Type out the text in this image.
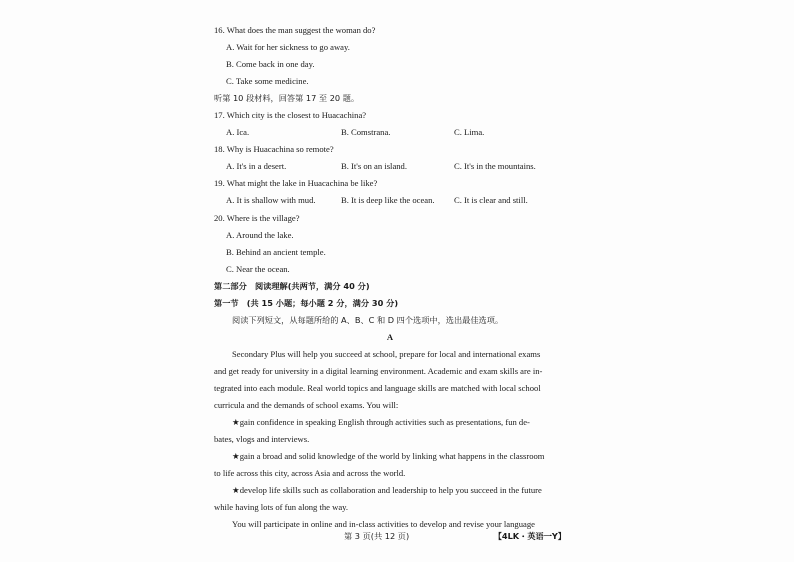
16. What does the man suggest the woman do?
A. Wait for her sickness to go away.
B. Come back in one day.
C. Take some medicine.
听第 10 段材料，回答第 17 至 20 题。
17. Which city is the closest to Huacachina?
A. Ica.	B. Comstrana.	C. Lima.
18. Why is Huacachina so remote?
A. It's in a desert.	B. It's on an island.	C. It's in the mountains.
19. What might the lake in Huacachina be like?
A. It is shallow with mud.	B. It is deep like the ocean.	C. It is clear and still.
20. Where is the village?
A. Around the lake.
B. Behind an ancient temple.
C. Near the ocean.
第二部分　阅读理解(共两节，满分 40 分)
第一节　(共 15 小题；每小题 2 分，满分 30 分)
阅读下列短文，从每题所给的 A、B、C 和 D 四个选项中，选出最佳选项。
A
Secondary Plus will help you succeed at school, prepare for local and international exams
and get ready for university in a digital learning environment. Academic and exam skills are in-
tegrated into each module. Real world topics and language skills are matched with local school
curricula and the demands of school exams. You will:
★gain confidence in speaking English through activities such as presentations, fun de-
bates, vlogs and interviews.
★gain a broad and solid knowledge of the world by linking what happens in the classroom
to life across this city, across Asia and across the world.
★develop life skills such as collaboration and leadership to help you succeed in the future
while having lots of fun along the way.
You will participate in online and in-class activities to develop and revise your language
第 3 页(共 12 页)	【4LK・英语一Y】
